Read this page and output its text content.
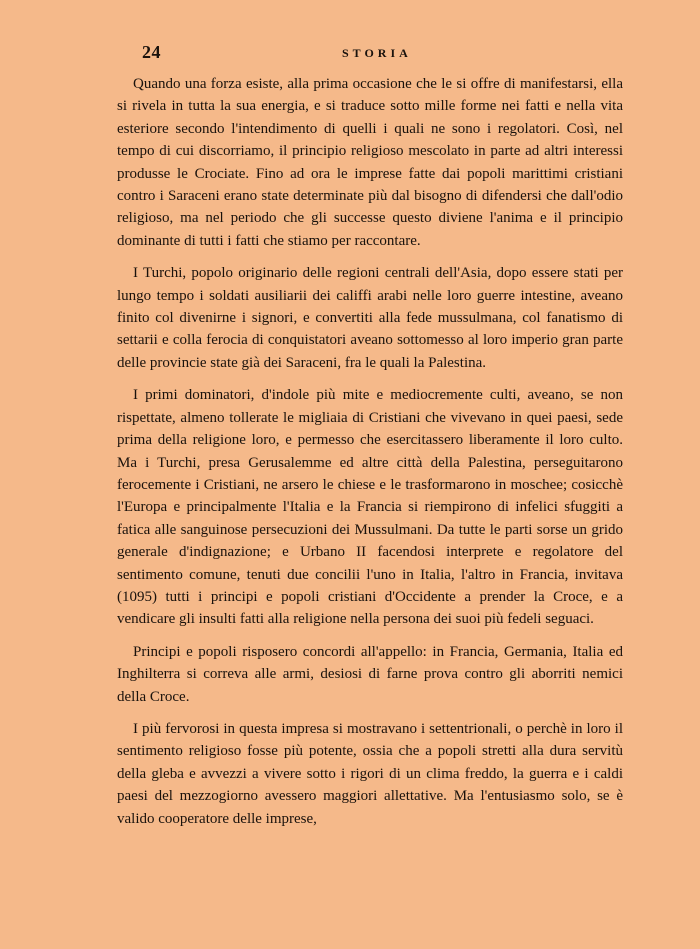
24	STORIA

Quando una forza esiste, alla prima occasione che le si offre di manifestarsi, ella si rivela in tutta la sua energia, e si traduce sotto mille forme nei fatti e nella vita esteriore secondo l'intendimento di quelli i quali ne sono i regolatori. Così, nel tempo di cui discorriamo, il principio religioso mescolato in parte ad altri interessi produsse le Crociate. Fino ad ora le imprese fatte dai popoli marittimi cristiani contro i Saraceni erano state determinate più dal bisogno di difendersi che dall'odio religioso, ma nel periodo che gli successe questo diviene l'anima e il principio dominante di tutti i fatti che stiamo per raccontare.

I Turchi, popolo originario delle regioni centrali dell'Asia, dopo essere stati per lungo tempo i soldati ausiliarii dei califfi arabi nelle loro guerre intestine, aveano finito col divenirne i signori, e convertiti alla fede mussulmana, col fanatismo di settarii e colla ferocia di conquistatori aveano sottomesso al loro imperio gran parte delle provincie state già dei Saraceni, fra le quali la Palestina.

I primi dominatori, d'indole più mite e mediocremente culti, aveano, se non rispettate, almeno tollerate le migliaia di Cristiani che vivevano in quei paesi, sede prima della religione loro, e permesso che esercitassero liberamente il loro culto. Ma i Turchi, presa Gerusalemme ed altre città della Palestina, perseguitarono ferocemente i Cristiani, ne arsero le chiese e le trasformarono in moschee; cosicchè l'Europa e principalmente l'Italia e la Francia si riempirono di infelici sfuggiti a fatica alle sanguinose persecuzioni dei Mussulmani. Da tutte le parti sorse un grido generale d'indignazione; e Urbano II facendosi interprete e regolatore del sentimento comune, tenuti due concilii l'uno in Italia, l'altro in Francia, invitava (1095) tutti i principi e popoli cristiani d'Occidente a prender la Croce, e a vendicare gli insulti fatti alla religione nella persona dei suoi più fedeli seguaci.

Principi e popoli risposero concordi all'appello: in Francia, Germania, Italia ed Inghilterra si correva alle armi, desiosi di farne prova contro gli aborriti nemici della Croce.

I più fervorosi in questa impresa si mostravano i settentrionali, o perchè in loro il sentimento religioso fosse più potente, ossia che a popoli stretti alla dura servitù della gleba e avvezzi a vivere sotto i rigori di un clima freddo, la guerra e i caldi paesi del mezzogiorno avessero maggiori allettative. Ma l'entusiasmo solo, se è valido cooperatore delle imprese,
